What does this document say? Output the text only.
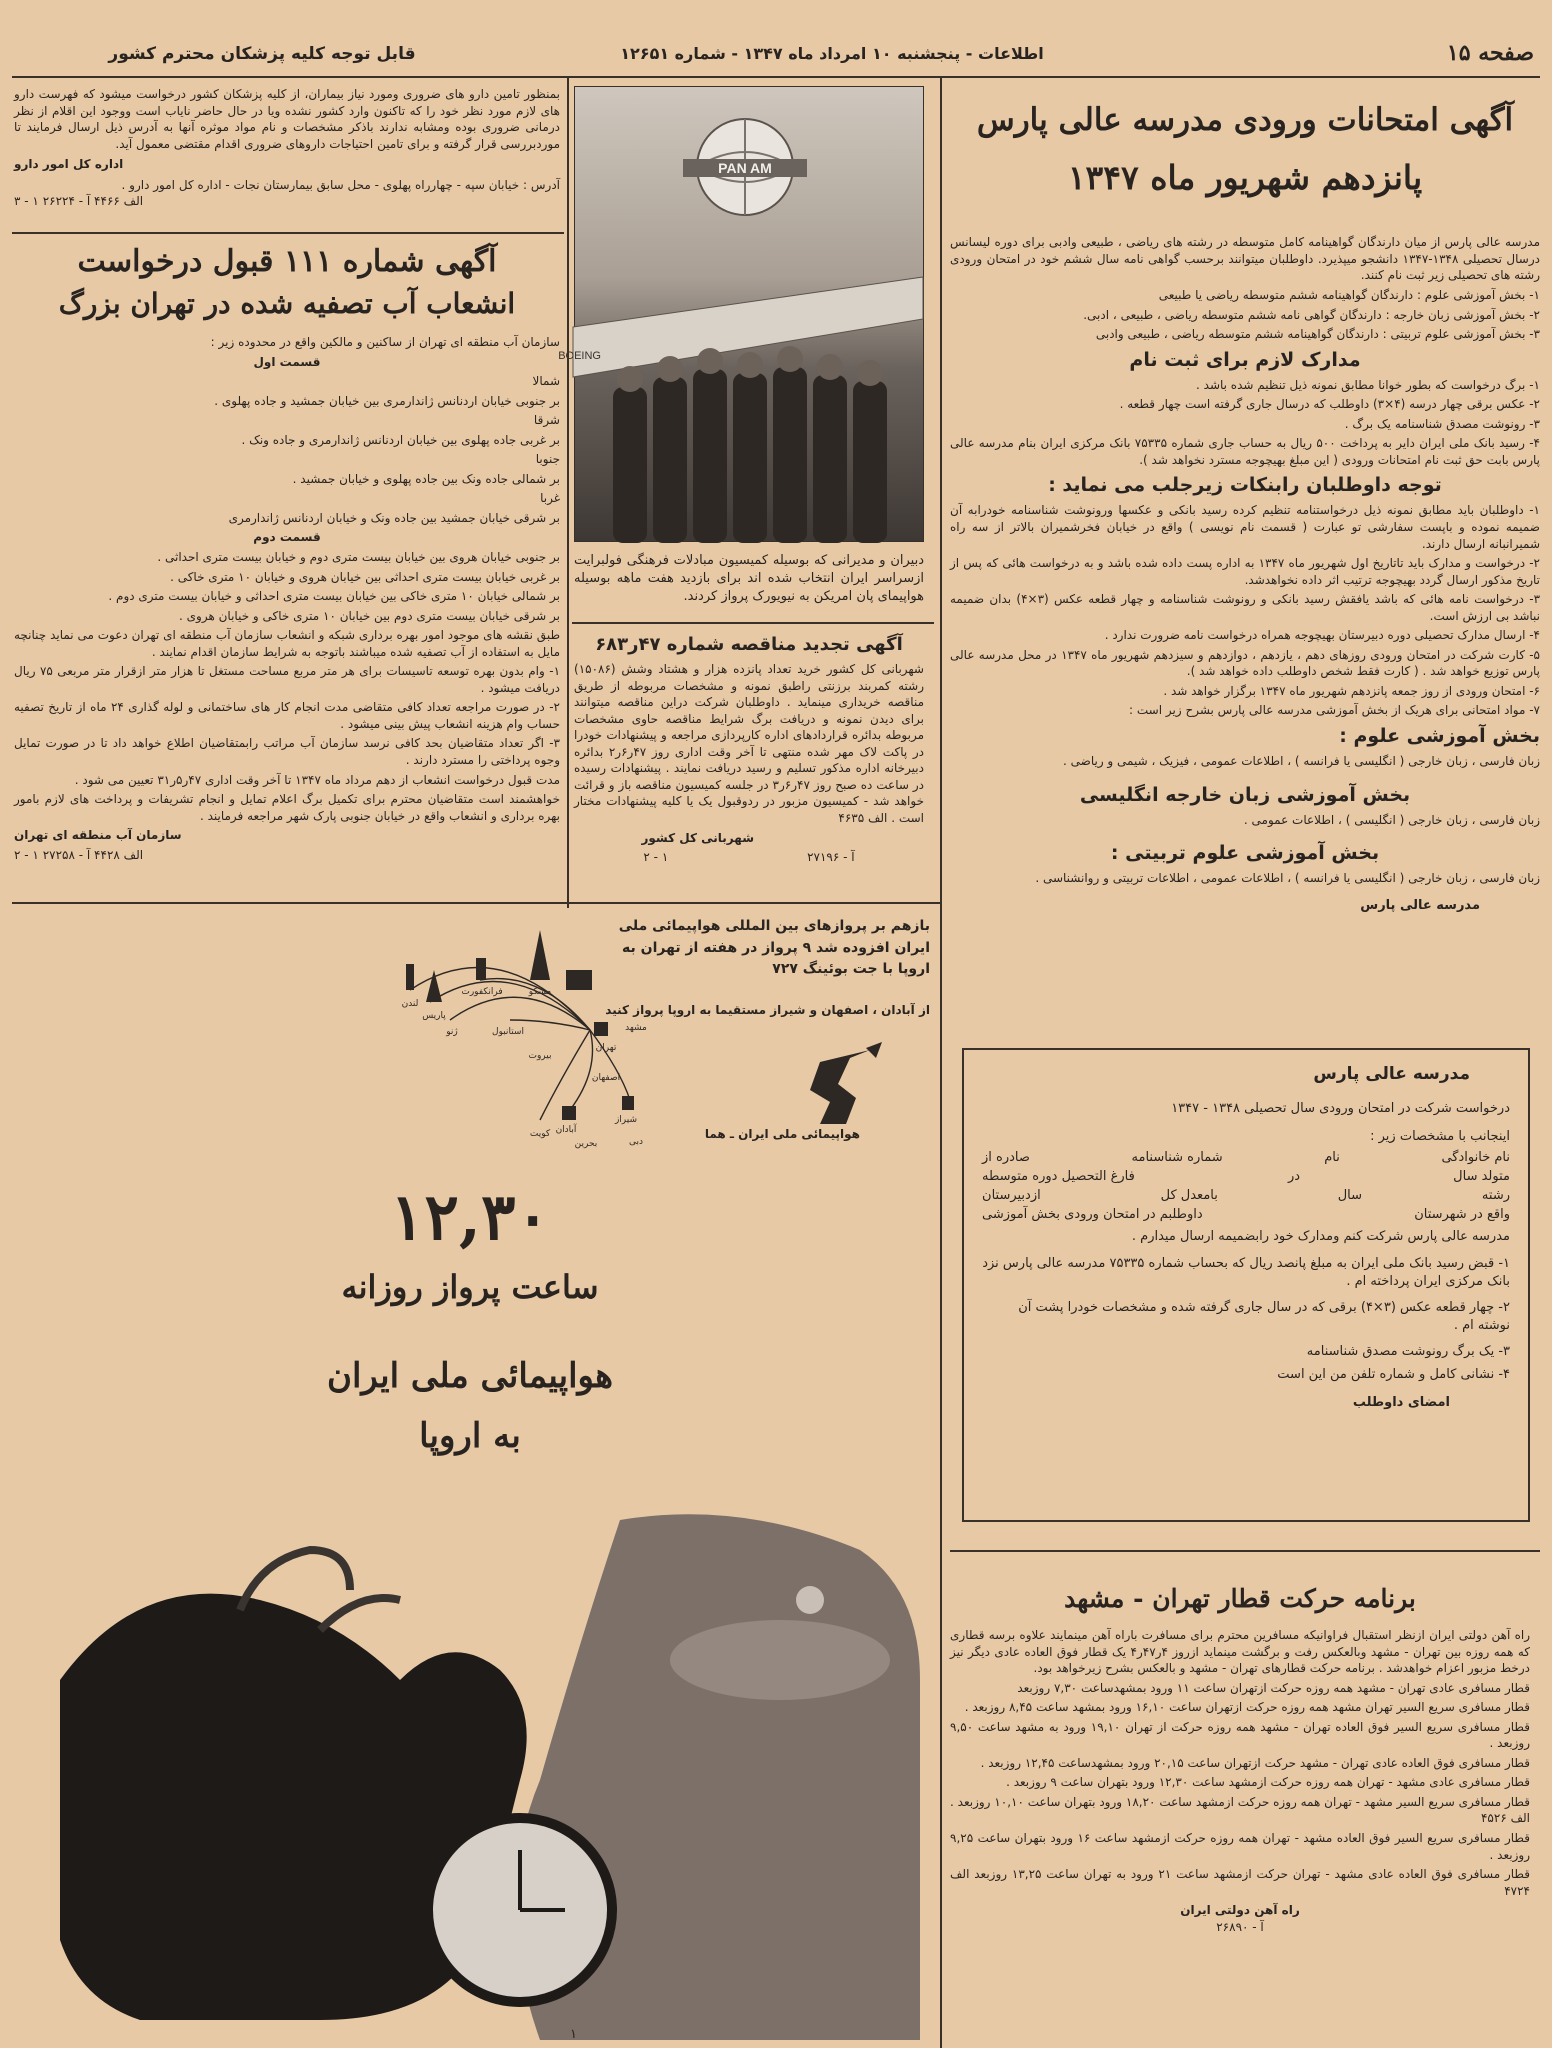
صفحه ۱۵
اطلاعات - پنجشنبه ۱۰ امرداد ماه ۱۳۴۷ - شماره ۱۲۶۵۱
قابل توجه کلیه پزشکان محترم کشور
آگهی امتحانات ورودی مدرسه عالی پارس
پانزدهم شهریور ماه ۱۳۴۷

مدرسه عالی پارس از میان دارندگان گواهینامه کامل متوسطه در رشته های ریاضی ، طبیعی وادبی برای دوره لیسانس درسال تحصیلی ۱۳۴۸-۱۳۴۷ دانشجو میپذیرد. داوطلبان میتوانند برحسب گواهی نامه سال ششم خود در امتحان ورودی رشته های تحصیلی زیر ثبت نام کنند.

۱- بخش آموزشی علوم : دارندگان گواهینامه ششم متوسطه ریاضی یا طبیعی

۲- بخش آموزشی زبان خارجه : دارندگان گواهی نامه ششم متوسطه ریاضی ، طبیعی ، ادبی.

۳- بخش آموزشی علوم تربیتی : دارندگان گواهینامه ششم متوسطه ریاضی ، طبیعی وادبی

مدارک لازم برای ثبت نام

۱- برگ درخواست که بطور خوانا مطابق نمونه ذیل تنظیم شده باشد .

۲- عکس برقی چهار درسه (۴×۳) داوطلب که درسال جاری گرفته است چهار قطعه .

۳- رونوشت مصدق شناسنامه یک برگ .

۴- رسید بانک ملی ایران دایر به پرداخت ۵۰۰ ریال به حساب جاری شماره ۷۵۳۳۵ بانک مرکزی ایران بنام مدرسه عالی پارس بابت حق ثبت نام امتحانات ورودی ( این مبلغ بهیچوجه مسترد نخواهد شد ).

توجه داوطلبان رابنکات زیرجلب می نماید :

۱- داوطلبان باید مطابق نمونه ذیل درخواستنامه تنظیم کرده رسید بانکی و عکسها ورونوشت شناسنامه خودرابه آن ضمیمه نموده و باپست سفارشی تو عبارت ( قسمت نام نویسی ) واقع در خیابان فخرشمیران بالاتر از سه راه شمیرانبانه ارسال دارند.

۲- درخواست و مدارک باید تاتاریخ اول شهریور ماه ۱۳۴۷ به اداره پست داده شده باشد و به درخواست هائی که پس از تاریخ مذکور ارسال گردد بهیچوجه ترتیب اثر داده نخواهدشد.

۳- درخواست نامه هائی که باشد یافقش رسید بانکی و رونوشت شناسنامه و چهار قطعه عکس (۳×۴) بدان ضمیمه نباشد بی ارزش است.

۴- ارسال مدارک تحصیلی دوره دبیرستان بهیچوجه همراه درخواست نامه ضرورت ندارد .

۵- کارت شرکت در امتحان ورودی روزهای دهم ، یازدهم ، دوازدهم و سیزدهم شهریور ماه ۱۳۴۷ در محل مدرسه عالی پارس توزیع خواهد شد . ( کارت فقط شخص داوطلب داده خواهد شد ).

۶- امتحان ورودی از روز جمعه پانزدهم شهریور ماه ۱۳۴۷ برگزار خواهد شد .

۷- مواد امتحانی برای هریک از بخش آموزشی مدرسه عالی پارس بشرح زیر است :

بخش آموزشی علوم :

زبان فارسی ، زبان خارجی ( انگلیسی یا فرانسه ) ، اطلاعات عمومی ، فیزیک ، شیمی و ریاضی .

بخش آموزشی زبان خارجه انگلیسی

زبان فارسی ، زبان خارجی ( انگلیسی ) ، اطلاعات عمومی .

بخش آموزشی علوم تربیتی :

زبان فارسی ، زبان خارجی ( انگلیسی یا فرانسه ) ، اطلاعات عمومی ، اطلاعات تربیتی و روانشناسی .

مدرسه عالی پارس

مدرسه عالی پارس
درخواست شرکت در امتحان ورودی سال تحصیلی ۱۳۴۸ - ۱۳۴۷
اینجانب با مشخصات زیر :
نام خانوادگی
نام
شماره شناسنامه
صادره از
متولد سال
در
فارغ التحصیل دوره متوسطه
رشته
سال
بامعدل کل
ازدبیرستان
واقع در شهرستان
داوطلبم در امتحان ورودی بخش آموزشی
مدرسه عالی پارس شرکت کنم ومدارک خود رابضمیمه ارسال میدارم .
۱- قبض رسید بانک ملی ایران به مبلغ پانصد ریال که بحساب شماره ۷۵۳۳۵ مدرسه عالی پارس نزد بانک مرکزی ایران پرداخته ام .
۲- چهار قطعه عکس (۳×۴) برقی که در سال جاری گرفته شده و مشخصات خودرا پشت آن نوشته ام .
۳- یک برگ رونوشت مصدق شناسنامه
۴- نشانی کامل و شماره تلفن من این است
امضای داوطلب
برنامه حرکت قطار تهران - مشهد

راه آهن دولتی ایران ازنظر استقبال فراوانیکه مسافرین محترم برای مسافرت باراه آهن مینمایند علاوه برسه قطاری که همه روزه بین تهران - مشهد وبالعکس رفت و برگشت مینماید ازروز ۴ر۴۷ر۴ یک قطار فوق العاده عادی دیگر نیز درخط مزبور اعزام خواهدشد . برنامه حرکت قطارهای تهران - مشهد و بالعکس بشرح زیرخواهد بود.

قطار مسافری عادی تهران - مشهد همه روزه حرکت ازتهران ساعت ۱۱ ورود بمشهدساعت ۷,۳۰ روزبعد

قطار مسافری سریع السیر تهران مشهد همه روزه حرکت ازتهران ساعت ۱۶,۱۰ ورود بمشهد ساعت ۸,۴۵ روزبعد .

قطار مسافری سریع السیر فوق العاده تهران - مشهد همه روزه حرکت از تهران ۱۹,۱۰ ورود به مشهد ساعت ۹,۵۰ روزبعد .

قطار مسافری فوق العاده عادی تهران - مشهد حرکت ازتهران ساعت ۲۰,۱۵ ورود بمشهدساعت ۱۲,۴۵ روزبعد .

قطار مسافری عادی مشهد - تهران همه روزه حرکت ازمشهد ساعت ۱۲,۳۰ ورود بتهران ساعت ۹ روزبعد .

قطار مسافری سریع السیر مشهد - تهران همه روزه حرکت ازمشهد ساعت ۱۸,۲۰ ورود بتهران ساعت ۱۰,۱۰ روزبعد . الف ۴۵۲۶

قطار مسافری سریع السیر فوق العاده مشهد - تهران همه روزه حرکت ازمشهد ساعت ۱۶ ورود بتهران ساعت ۹,۲۵ روزبعد .

قطار مسافری فوق العاده عادی مشهد - تهران حرکت ازمشهد ساعت ۲۱ ورود به تهران ساعت ۱۳,۲۵ روزبعد الف ۴۷۲۴

راه آهن دولتی ایران
آ - ۲۶۸۹۰
PAN AM
BOEING
دبیران و مدیرانی که بوسیله کمیسیون مبادلات فرهنگی فولبرایت ازسراسر ایران انتخاب شده اند برای بازدید هفت ماهه بوسیله هواپیمای پان امریکن به نیویورک پرواز کردند.
آگهی تجدید مناقصه شماره ۴۷ر۶۸۳

شهربانی کل کشور خرید تعداد پانزده هزار و هشتاد وشش (۱۵۰۸۶) رشته کمربند برزنتی راطبق نمونه و مشخصات مربوطه از طریق مناقصه خریداری مینماید . داوطلبان شرکت دراین مناقصه میتوانند برای دیدن نمونه و دریافت برگ شرایط مناقصه حاوی مشخصات مربوطه بدائره قراردادهای اداره کارپردازی مراجعه و پیشنهادات خودرا در پاکت لاک مهر شده منتهی تا آخر وقت اداری روز ۴۷ر۶ر۲ بدائره دبیرخانه اداره مذکور تسلیم و رسید دریافت نمایند . پیشنهادات رسیده در ساعت ده صبح روز ۴۷ر۶ر۳ در جلسه کمیسیون مناقصه باز و قرائت خواهد شد - کمیسیون مزبور در ردوقبول یک یا کلیه پیشنهادات مختار است . الف ۴۶۳۵

شهربانی کل کشور
آ - ۲۷۱۹۶
۱ - ۲

بمنظور تامین دارو های ضروری ومورد نیاز بیماران، از کلیه پزشکان کشور درخواست میشود که فهرست دارو های لازم مورد نظر خود را که تاکنون وارد کشور نشده ویا در حال حاضر نایاب است ووجود این اقلام از نظر درمانی ضروری بوده ومشابه ندارند باذکر مشخصات و نام مواد موثره آنها به آدرس ذیل ارسال فرمایند تا موردبررسی قرار گرفته و برای تامین احتیاجات داروهای ضروری اقدام مقتضی معمول آید.

اداره کل امور دارو

آدرس : خیابان سپه - چهارراه پهلوی - محل سابق بیمارستان نجات - اداره کل امور دارو .

الف ۴۴۶۶ آ - ۲۶۲۲۴ ۱ - ۳

آگهی شماره ۱۱۱ قبول درخواست
انشعاب آب تصفیه شده در تهران بزرگ

سازمان آب منطقه ای تهران از ساکنین و مالکین واقع در محدوده زیر :

قسمت اول

شمالا

بر جنوبی خیابان اردنانس ژاندارمری بین خیابان جمشید و جاده پهلوی .

شرقا

بر غربی جاده پهلوی بین خیابان اردنانس ژاندارمری و جاده ونک .

جنوبا

بر شمالی جاده ونک بین جاده پهلوی و خیابان جمشید .

غربا

بر شرقی خیابان جمشید بین جاده ونک و خیابان اردنانس ژاندارمری

قسمت دوم

بر جنوبی خیابان هروی بین خیابان بیست متری دوم و خیابان بیست متری احداثی .

بر غربی خیابان بیست متری احداثی بین خیابان هروی و خیابان ۱۰ متری خاکی .

بر شمالی خیابان ۱۰ متری خاکی بین خیابان بیست متری احداثی و خیابان بیست متری دوم .

بر شرقی خیابان بیست متری دوم بین خیابان ۱۰ متری خاکی و خیابان هروی .

طبق نقشه های موجود امور بهره برداری شبکه و انشعاب سازمان آب منطقه ای تهران دعوت می نماید چنانچه مایل به استفاده از آب تصفیه شده میباشند باتوجه به شرایط سازمان اقدام نمایند .

۱- وام بدون بهره توسعه تاسیسات برای هر متر مربع مساحت مستغل تا هزار متر ازقرار متر مربعی ۷۵ ریال دریافت میشود .

۲- در صورت مراجعه تعداد کافی متقاضی مدت انجام کار های ساختمانی و لوله گذاری ۲۴ ماه از تاریخ تصفیه حساب وام هزینه انشعاب پیش بینی میشود .

۳- اگر تعداد متقاضیان بحد کافی نرسد سازمان آب مراتب رابمتقاضیان اطلاع خواهد داد تا در صورت تمایل وجوه پرداختی را مسترد دارند .

مدت قبول درخواست انشعاب از دهم مرداد ماه ۱۳۴۷ تا آخر وقت اداری ۴۷ر۵ر۳۱ تعیین می شود .

خواهشمند است متقاضیان محترم برای تکمیل برگ اعلام تمایل و انجام تشریفات و پرداخت های لازم بامور بهره برداری و انشعاب واقع در خیابان جنوبی پارک شهر مراجعه فرمایند .

سازمان آب منطقه ای تهران

الف ۴۴۲۸ آ - ۲۷۲۵۸ ۱ - ۲

بازهم بر پروازهای بین المللی هواپیمائی ملی ایران افزوده شد ۹ پرواز در هفته از تهران به اروپا با جت بوئینگ ۷۲۷
از آبادان ، اصفهان و شیراز مستقیما به اروپا پرواز کنید
هواپیمائی ملی ایران ـ هما
لندن
پاریس
ژنو
فرانکفورت	مسکو
استانبول
بیروت
تهران
مشهد
آبادان
شیراز
اصفهان
کویت
بحرین	دبی
۱۲,۳۰
ساعت پرواز روزانه
هواپیمائی ملی ایران
به اروپا
۱
